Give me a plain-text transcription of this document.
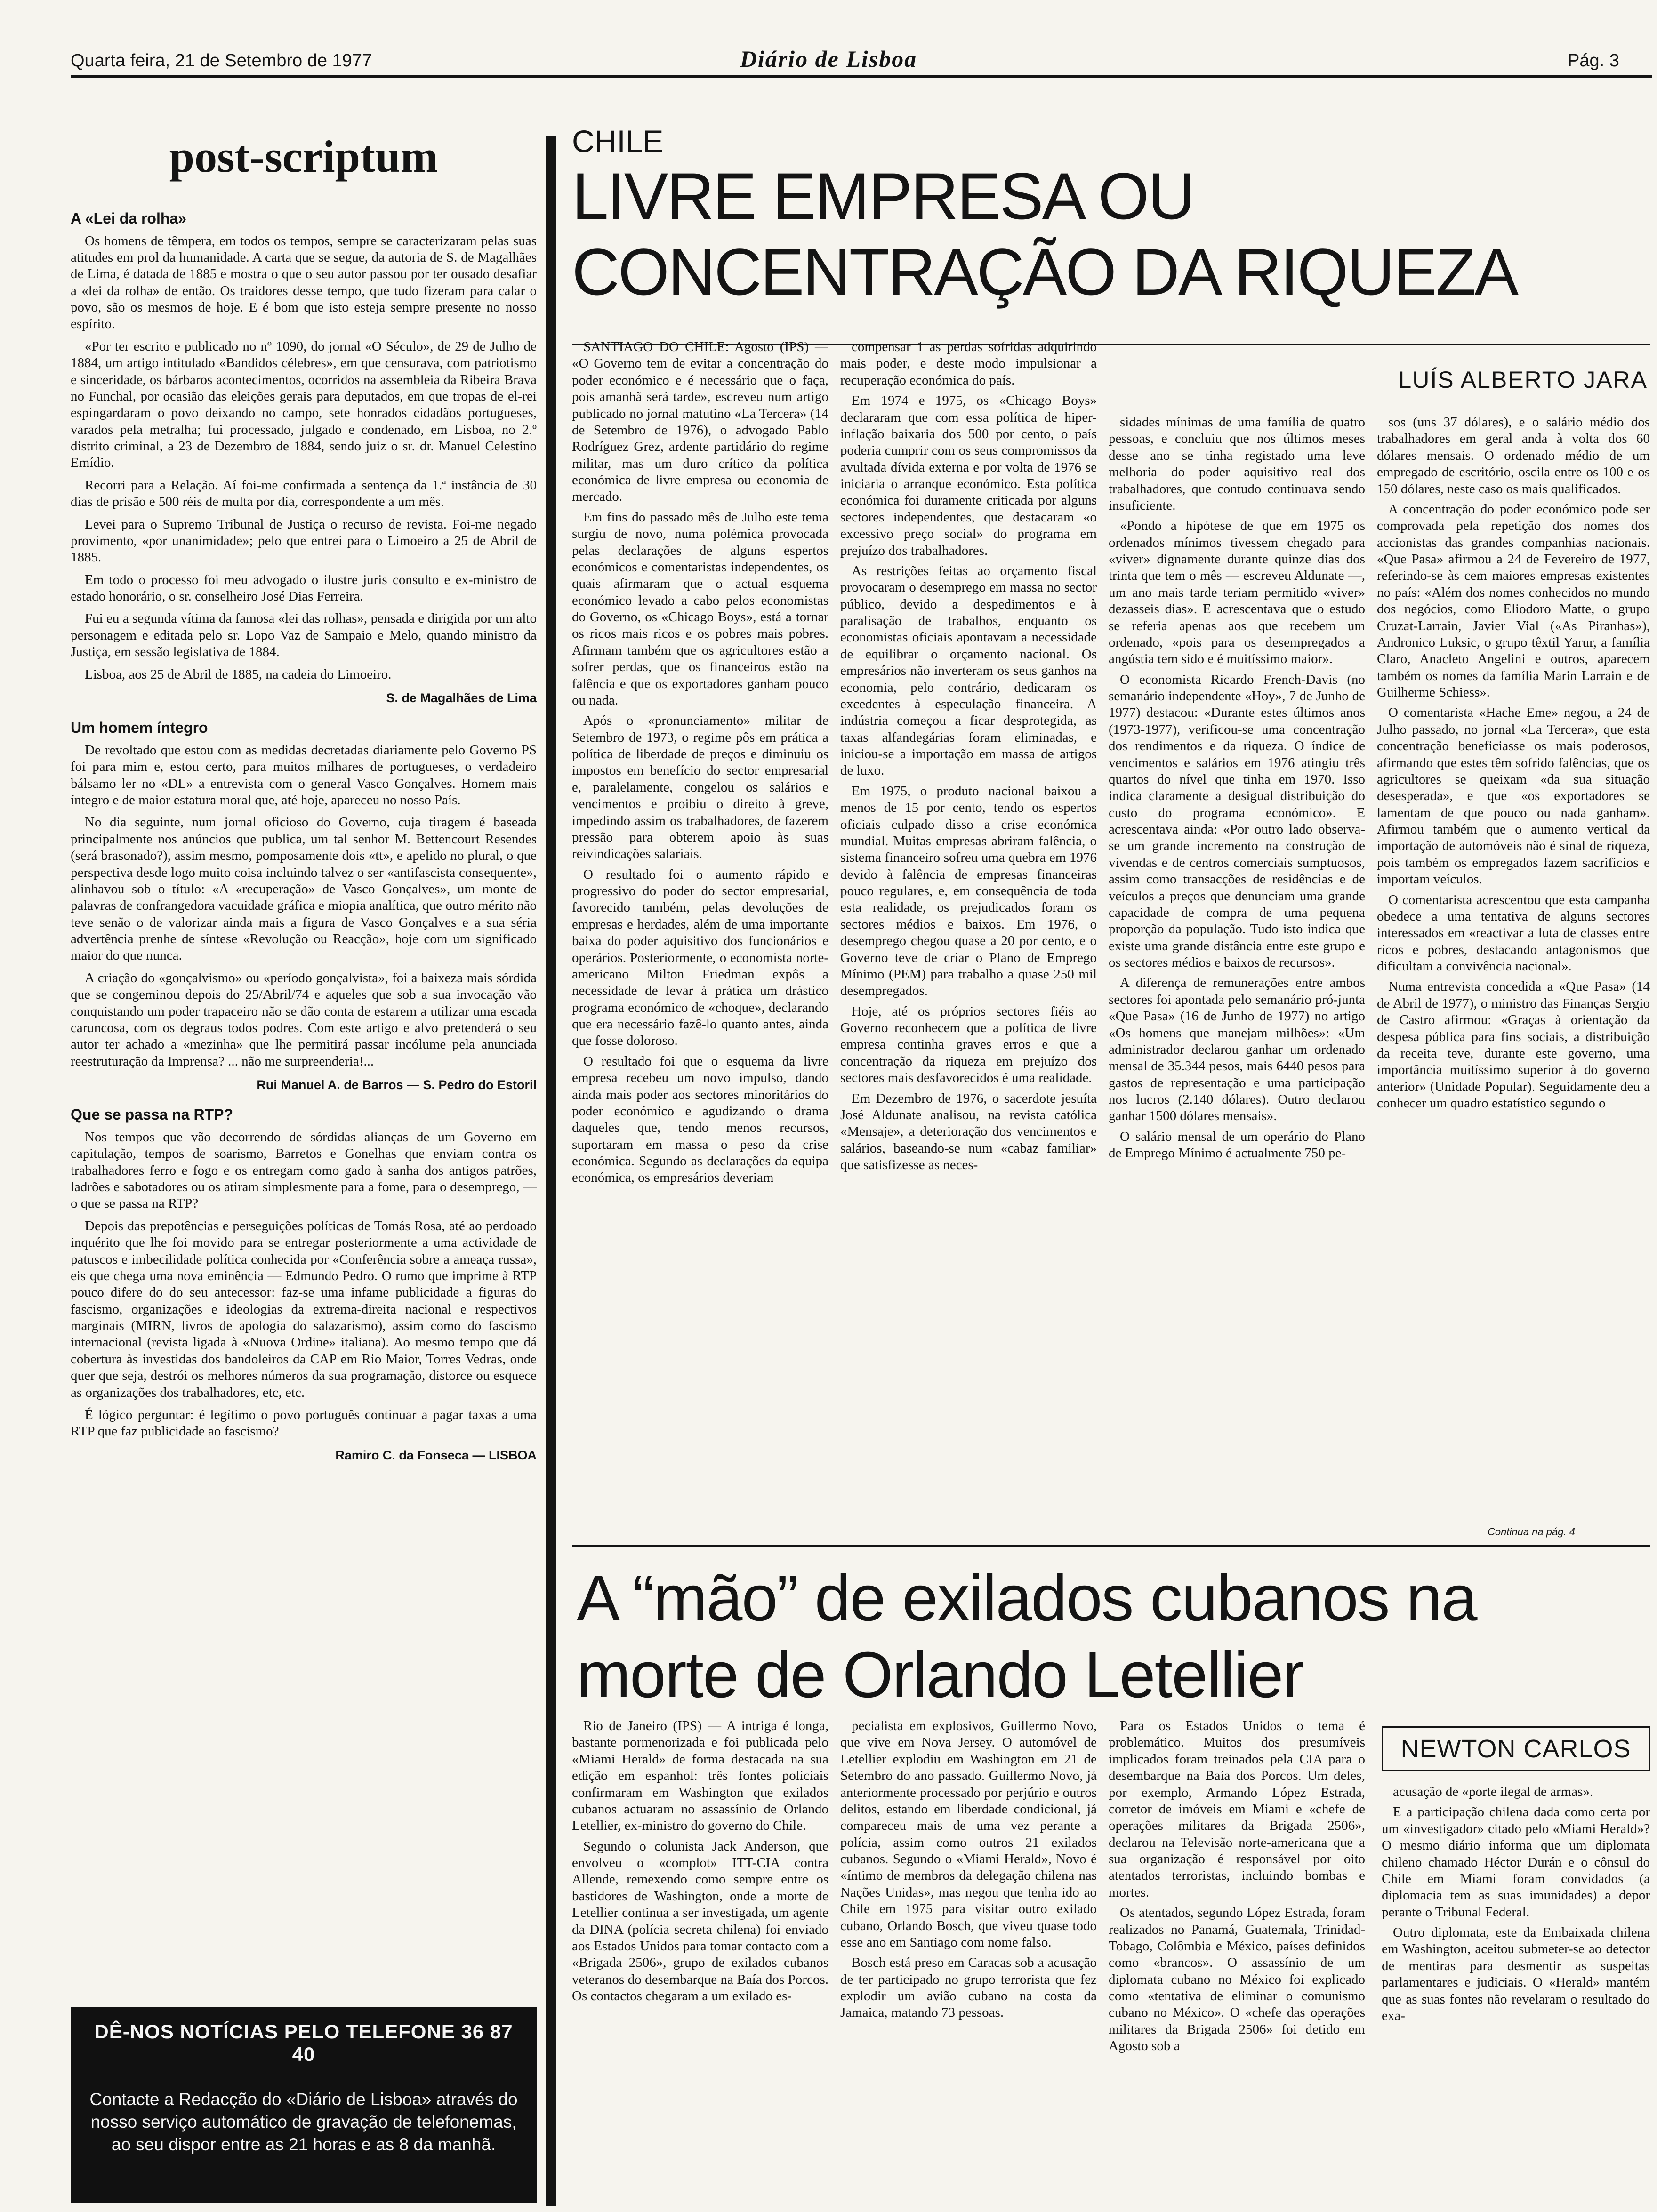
Quarta feira, 21 de Setembro de 1977	Diário de Lisboa	Pág. 3
post-scriptum
A «Lei da rolha»

Os homens de têmpera, em todos os tempos, sempre se caracterizaram pelas suas atitudes em prol da humanidade. A carta que se segue, da autoria de S. de Magalhães de Lima, é datada de 1885 e mostra o que o seu autor passou por ter ousado desafiar a «lei da rolha» de então. Os traidores desse tempo, que tudo fizeram para calar o povo, são os mesmos de hoje. E é bom que isto esteja sempre presente no nosso espírito.

«Por ter escrito e publicado no nº 1090, do jornal «O Século», de 29 de Julho de 1884, um artigo intitulado «Bandidos célebres», em que censurava, com patriotismo e sinceridade, os bárbaros acontecimentos, ocorridos na assembleia da Ribeira Brava no Funchal, por ocasião das eleições gerais para deputados, em que tropas de el-rei espingardaram o povo deixando no campo, sete honrados cidadãos portugueses, varados pela metralha; fui processado, julgado e condenado, em Lisboa, no 2.º distrito criminal, a 23 de Dezembro de 1884, sendo juiz o sr. dr. Manuel Celestino Emídio.

Recorri para a Relação. Aí foi-me confirmada a sentença da 1.ª instância de 30 dias de prisão e 500 réis de multa por dia, correspondente a um mês.

Levei para o Supremo Tribunal de Justiça o recurso de revista. Foi-me negado provimento, «por unanimidade»; pelo que entrei para o Limoeiro a 25 de Abril de 1885.

Em todo o processo foi meu advogado o ilustre juris consulto e ex-ministro de estado honorário, o sr. conselheiro José Dias Ferreira.

Fui eu a segunda vítima da famosa «lei das rolhas», pensada e dirigida por um alto personagem e editada pelo sr. Lopo Vaz de Sampaio e Melo, quando ministro da Justiça, em sessão legislativa de 1884.

Lisboa, aos 25 de Abril de 1885, na cadeia do Limoeiro.

S. de Magalhães de Lima

Um homem íntegro

De revoltado que estou com as medidas decretadas diariamente pelo Governo PS foi para mim e, estou certo, para muitos milhares de portugueses, o verdadeiro bálsamo ler no «DL» a entrevista com o general Vasco Gonçalves. Homem mais íntegro e de maior estatura moral que, até hoje, apareceu no nosso País.

No dia seguinte, num jornal oficioso do Governo, cuja tiragem é baseada principalmente nos anúncios que publica, um tal senhor M. Bettencourt Resendes (será brasonado?), assim mesmo, pomposamente dois «tt», e apelido no plural, o que perspectiva desde logo muito coisa incluindo talvez o ser «antifascista consequente», alinhavou sob o título: «A «recuperação» de Vasco Gonçalves», um monte de palavras de confrangedora vacuidade gráfica e miopia analítica, que outro mérito não teve senão o de valorizar ainda mais a figura de Vasco Gonçalves e a sua séria advertência prenhe de síntese «Revolução ou Reacção», hoje com um significado maior do que nunca.

A criação do «gonçalvismo» ou «período gonçalvista», foi a baixeza mais sórdida que se congeminou depois do 25/Abril/74 e aqueles que sob a sua invocação vão conquistando um poder trapaceiro não se dão conta de estarem a utilizar uma escada caruncosa, com os degraus todos podres. Com este artigo e alvo pretenderá o seu autor ter achado a «mezinha» que lhe permitirá passar incólume pela anunciada reestruturação da Imprensa? ... não me surpreenderia!...

Rui Manuel A. de Barros — S. Pedro do Estoril

Que se passa na RTP?

Nos tempos que vão decorrendo de sórdidas alianças de um Governo em capitulação, tempos de soarismo, Barretos e Gonelhas que enviam contra os trabalhadores ferro e fogo e os entregam como gado à sanha dos antigos patrões, ladrões e sabotadores ou os atiram simplesmente para a fome, para o desemprego, — o que se passa na RTP?

Depois das prepotências e perseguições políticas de Tomás Rosa, até ao perdoado inquérito que lhe foi movido para se entregar posteriormente a uma actividade de patuscos e imbecilidade política conhecida por «Conferência sobre a ameaça russa», eis que chega uma nova eminência — Edmundo Pedro. O rumo que imprime à RTP pouco difere do do seu antecessor: faz-se uma infame publicidade a figuras do fascismo, organizações e ideologias da extrema-direita nacional e respectivos marginais (MIRN, livros de apologia do salazarismo), assim como do fascismo internacional (revista ligada à «Nuova Ordine» italiana). Ao mesmo tempo que dá cobertura às investidas dos bandoleiros da CAP em Rio Maior, Torres Vedras, onde quer que seja, destrói os melhores números da sua programação, distorce ou esquece as organizações dos trabalhadores, etc, etc.

É lógico perguntar: é legítimo o povo português continuar a pagar taxas a uma RTP que faz publicidade ao fascismo?

Ramiro C. da Fonseca — LISBOA

DÊ-NOS NOTÍCIAS PELO TELEFONE 36 87 40
Contacte a Redacção do «Diário de Lisboa» através do nosso serviço automático de gravação de telefonemas, ao seu dispor entre as 21 horas e as 8 da manhã.
CHILE
LIVRE EMPRESA OU CONCENTRAÇÃO DA RIQUEZA
LUÍS ALBERTO JARA

SANTIAGO DO CHILE: Agosto (IPS) — «O Governo tem de evitar a concentração do poder económico e é necessário que o faça, pois amanhã será tarde», escreveu num artigo publicado no jornal matutino «La Tercera» (14 de Setembro de 1976), o advogado Pablo Rodríguez Grez, ardente partidário do regime militar, mas um duro crítico da política económica de livre empresa ou economia de mercado.

Em fins do passado mês de Julho este tema surgiu de novo, numa polémica provocada pelas declarações de alguns espertos económicos e comentaristas independentes, os quais afirmaram que o actual esquema económico levado a cabo pelos economistas do Governo, os «Chicago Boys», está a tornar os ricos mais ricos e os pobres mais pobres. Afirmam também que os agricultores estão a sofrer perdas, que os financeiros estão na falência e que os exportadores ganham pouco ou nada.

Após o «pronunciamento» militar de Setembro de 1973, o regime pôs em prática a política de liberdade de preços e diminuiu os impostos em benefício do sector empresarial e, paralelamente, congelou os salários e vencimentos e proibiu o direito à greve, impedindo assim os trabalhadores, de fazerem pressão para obterem apoio às suas reivindicações salariais.

O resultado foi o aumento rápido e progressivo do poder do sector empresarial, favorecido também, pelas devoluções de empresas e herdades, além de uma importante baixa do poder aquisitivo dos funcionários e operários. Posteriormente, o economista norte-americano Milton Friedman expôs a necessidade de levar à prática um drástico programa económico de «choque», declarando que era necessário fazê-lo quanto antes, ainda que fosse doloroso.

O resultado foi que o esquema da livre empresa recebeu um novo impulso, dando ainda mais poder aos sectores minoritários do poder económico e agudizando o drama daqueles que, tendo menos recursos, suportaram em massa o peso da crise económica. Segundo as declarações da equipa económica, os empresários deveriam

compensar 1 as perdas sofridas adquirindo mais poder, e deste modo impulsionar a recuperação económica do país.

Em 1974 e 1975, os «Chicago Boys» declararam que com essa política de hiper-inflação baixaria dos 500 por cento, o país poderia cumprir com os seus compromissos da avultada dívida externa e por volta de 1976 se iniciaria o arranque económico. Esta política económica foi duramente criticada por alguns sectores independentes, que destacaram «o excessivo preço social» do programa em prejuízo dos trabalhadores.

As restrições feitas ao orçamento fiscal provocaram o desemprego em massa no sector público, devido a despedimentos e à paralisação de trabalhos, enquanto os economistas oficiais apontavam a necessidade de equilibrar o orçamento nacional. Os empresários não inverteram os seus ganhos na economia, pelo contrário, dedicaram os excedentes à especulação financeira. A indústria começou a ficar desprotegida, as taxas alfandegárias foram eliminadas, e iniciou-se a importação em massa de artigos de luxo.

Em 1975, o produto nacional baixou a menos de 15 por cento, tendo os espertos oficiais culpado disso a crise económica mundial. Muitas empresas abriram falência, o sistema financeiro sofreu uma quebra em 1976 devido à falência de empresas financeiras pouco regulares, e, em consequência de toda esta realidade, os prejudicados foram os sectores médios e baixos. Em 1976, o desemprego chegou quase a 20 por cento, e o Governo teve de criar o Plano de Emprego Mínimo (PEM) para trabalho a quase 250 mil desempregados.

Hoje, até os próprios sectores fiéis ao Governo reconhecem que a política de livre empresa continha graves erros e que a concentração da riqueza em prejuízo dos sectores mais desfavorecidos é uma realidade.

Em Dezembro de 1976, o sacerdote jesuíta José Aldunate analisou, na revista católica «Mensaje», a deterioração dos vencimentos e salários, baseando-se num «cabaz familiar» que satisfizesse as neces-

sidades mínimas de uma família de quatro pessoas, e concluiu que nos últimos meses desse ano se tinha registado uma leve melhoria do poder aquisitivo real dos trabalhadores, que contudo continuava sendo insuficiente.

«Pondo a hipótese de que em 1975 os ordenados mínimos tivessem chegado para «viver» dignamente durante quinze dias dos trinta que tem o mês — escreveu Aldunate —, um ano mais tarde teriam permitido «viver» dezasseis dias». E acrescentava que o estudo se referia apenas aos que recebem um ordenado, «pois para os desempregados a angústia tem sido e é muitíssimo maior».

O economista Ricardo French-Davis (no semanário independente «Hoy», 7 de Junho de 1977) destacou: «Durante estes últimos anos (1973-1977), verificou-se uma concentração dos rendimentos e da riqueza. O índice de vencimentos e salários em 1976 atingiu três quartos do nível que tinha em 1970. Isso indica claramente a desigual distribuição do custo do programa económico». E acrescentava ainda: «Por outro lado observa-se um grande incremento na construção de vivendas e de centros comerciais sumptuosos, assim como transacções de residências e de veículos a preços que denunciam uma grande capacidade de compra de uma pequena proporção da população. Tudo isto indica que existe uma grande distância entre este grupo e os sectores médios e baixos de recursos».

A diferença de remunerações entre ambos sectores foi apontada pelo semanário pró-junta «Que Pasa» (16 de Junho de 1977) no artigo «Os homens que manejam milhões»: «Um administrador declarou ganhar um ordenado mensal de 35.344 pesos, mais 6440 pesos para gastos de representação e uma participação nos lucros (2.140 dólares). Outro declarou ganhar 1500 dólares mensais».

O salário mensal de um operário do Plano de Emprego Mínimo é actualmente 750 pe-

sos (uns 37 dólares), e o salário médio dos trabalhadores em geral anda à volta dos 60 dólares mensais. O ordenado médio de um empregado de escritório, oscila entre os 100 e os 150 dólares, neste caso os mais qualificados.

A concentração do poder económico pode ser comprovada pela repetição dos nomes dos accionistas das grandes companhias nacionais. «Que Pasa» afirmou a 24 de Fevereiro de 1977, referindo-se às cem maiores empresas existentes no país: «Além dos nomes conhecidos no mundo dos negócios, como Eliodoro Matte, o grupo Cruzat-Larrain, Javier Vial («As Piranhas»), Andronico Luksic, o grupo têxtil Yarur, a família Claro, Anacleto Angelini e outros, aparecem também os nomes da família Marin Larrain e de Guilherme Schiess».

O comentarista «Hache Eme» negou, a 24 de Julho passado, no jornal «La Tercera», que esta concentração beneficiasse os mais poderosos, afirmando que estes têm sofrido falências, que os agricultores se queixam «da sua situação desesperada», e que «os exportadores se lamentam de que pouco ou nada ganham». Afirmou também que o aumento vertical da importação de automóveis não é sinal de riqueza, pois também os empregados fazem sacrifícios e importam veículos.

O comentarista acrescentou que esta campanha obedece a uma tentativa de alguns sectores interessados em «reactivar a luta de classes entre ricos e pobres, destacando antagonismos que dificultam a convivência nacional».

Numa entrevista concedida a «Que Pasa» (14 de Abril de 1977), o ministro das Finanças Sergio de Castro afirmou: «Graças à orientação da despesa pública para fins sociais, a distribuição da receita teve, durante este governo, uma importância muitíssimo superior à do governo anterior» (Unidade Popular). Seguidamente deu a conhecer um quadro estatístico segundo o

Continua na pág. 4
A “mão” de exilados cubanos na morte de Orlando Letellier
NEWTON CARLOS

Rio de Janeiro (IPS) — A intriga é longa, bastante pormenorizada e foi publicada pelo «Miami Herald» de forma destacada na sua edição em espanhol: três fontes policiais confirmaram em Washington que exilados cubanos actuaram no assassínio de Orlando Letellier, ex-ministro do governo do Chile.

Segundo o colunista Jack Anderson, que envolveu o «complot» ITT-CIA contra Allende, remexendo como sempre entre os bastidores de Washington, onde a morte de Letellier continua a ser investigada, um agente da DINA (polícia secreta chilena) foi enviado aos Estados Unidos para tomar contacto com a «Brigada 2506», grupo de exilados cubanos veteranos do desembarque na Baía dos Porcos. Os contactos chegaram a um exilado es-

pecialista em explosivos, Guillermo Novo, que vive em Nova Jersey. O automóvel de Letellier explodiu em Washington em 21 de Setembro do ano passado. Guillermo Novo, já anteriormente processado por perjúrio e outros delitos, estando em liberdade condicional, já compareceu mais de uma vez perante a polícia, assim como outros 21 exilados cubanos. Segundo o «Miami Herald», Novo é «íntimo de membros da delegação chilena nas Nações Unidas», mas negou que tenha ido ao Chile em 1975 para visitar outro exilado cubano, Orlando Bosch, que viveu quase todo esse ano em Santiago com nome falso.

Bosch está preso em Caracas sob a acusação de ter participado no grupo terrorista que fez explodir um avião cubano na costa da Jamaica, matando 73 pessoas.

Para os Estados Unidos o tema é problemático. Muitos dos presumíveis implicados foram treinados pela CIA para o desembarque na Baía dos Porcos. Um deles, por exemplo, Armando López Estrada, corretor de imóveis em Miami e «chefe de operações militares da Brigada 2506», declarou na Televisão norte-americana que a sua organização é responsável por oito atentados terroristas, incluindo bombas e mortes.

Os atentados, segundo López Estrada, foram realizados no Panamá, Guatemala, Trinidad-Tobago, Colômbia e México, países definidos como «brancos». O assassínio de um diplomata cubano no México foi explicado como «tentativa de eliminar o comunismo cubano no México». O «chefe das operações militares da Brigada 2506» foi detido em Agosto sob a

acusação de «porte ilegal de armas».

E a participação chilena dada como certa por um «investigador» citado pelo «Miami Herald»? O mesmo diário informa que um diplomata chileno chamado Héctor Durán e o cônsul do Chile em Miami foram convidados (a diplomacia tem as suas imunidades) a depor perante o Tribunal Federal.

Outro diplomata, este da Embaixada chilena em Washington, aceitou submeter-se ao detector de mentiras para desmentir as suspeitas parlamentares e judiciais. O «Herald» mantém que as suas fontes não revelaram o resultado do exa-
